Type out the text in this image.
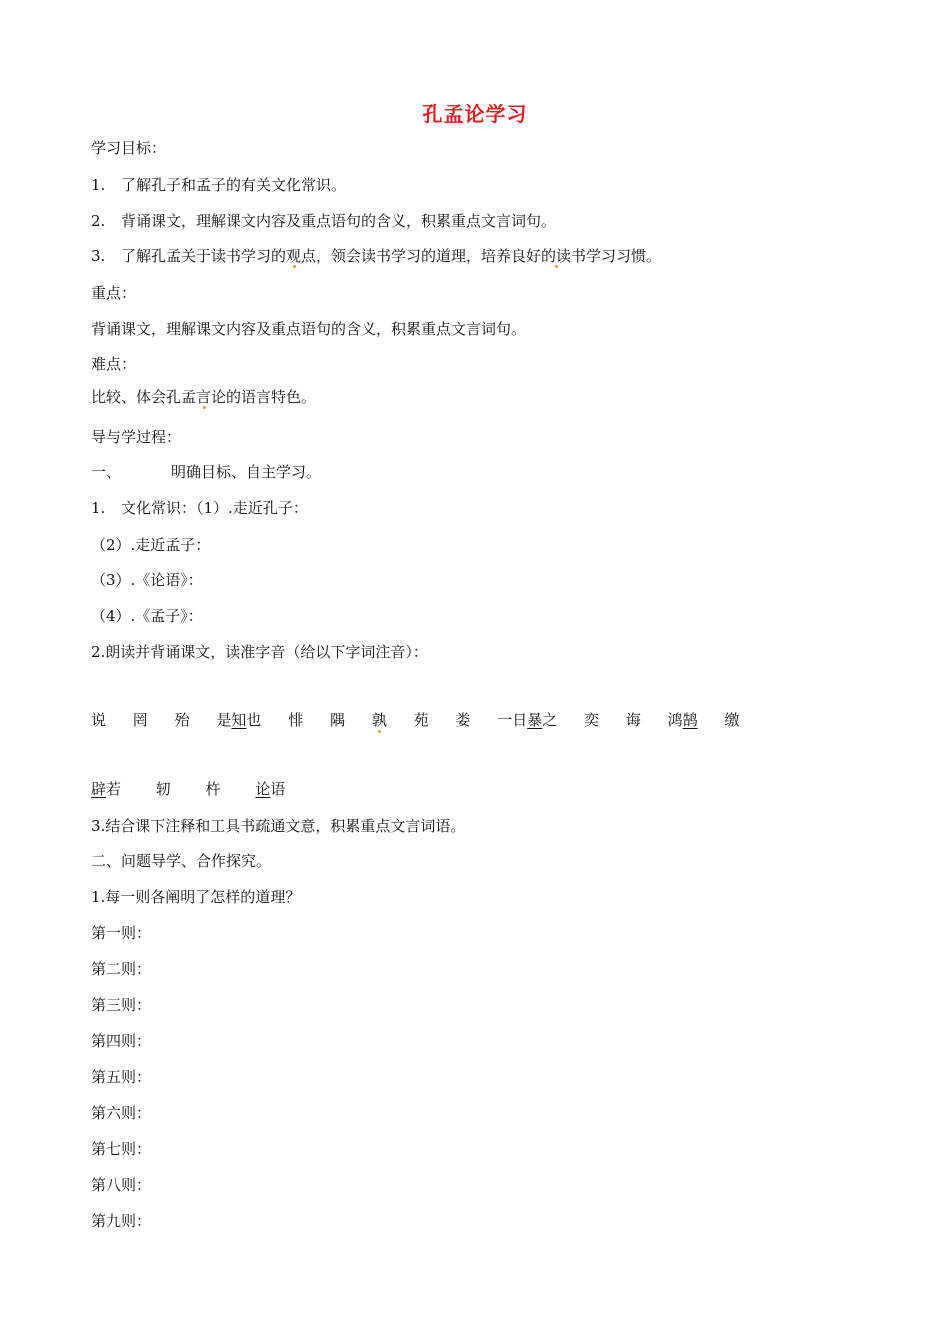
孔孟论学习
学习目标：
1. 了解孔子和孟子的有关文化常识。
2. 背诵课文，理解课文内容及重点语句的含义，积累重点文言词句。
3. 了解孔孟关于读书学习的观点，领会读书学习的道理，培养良好的读书学习习惯。
重点：
背诵课文，理解课文内容及重点语句的含义，积累重点文言词句。
难点：
比较、体会孔孟言论的语言特色。
导与学过程：
一、	明确目标、自主学习。
1. 文化常识：（1）.走近孔子：
（2）.走近孟子：
（3）.《论语》：
（4）.《孟子》：
2.朗读并背诵课文，读准字音（给以下字词注音）：
说 罔 殆 是知也 悱 隅 孰 苑 娄 一日暴之 奕 诲 鸿鹄 缴
辟若 轫 杵 论语
3.结合课下注释和工具书疏通文意，积累重点文言词语。
二、问题导学、合作探究。
1.每一则各阐明了怎样的道理？
第一则：
第二则：
第三则：
第四则：
第五则：
第六则：
第七则：
第八则：
第九则：
